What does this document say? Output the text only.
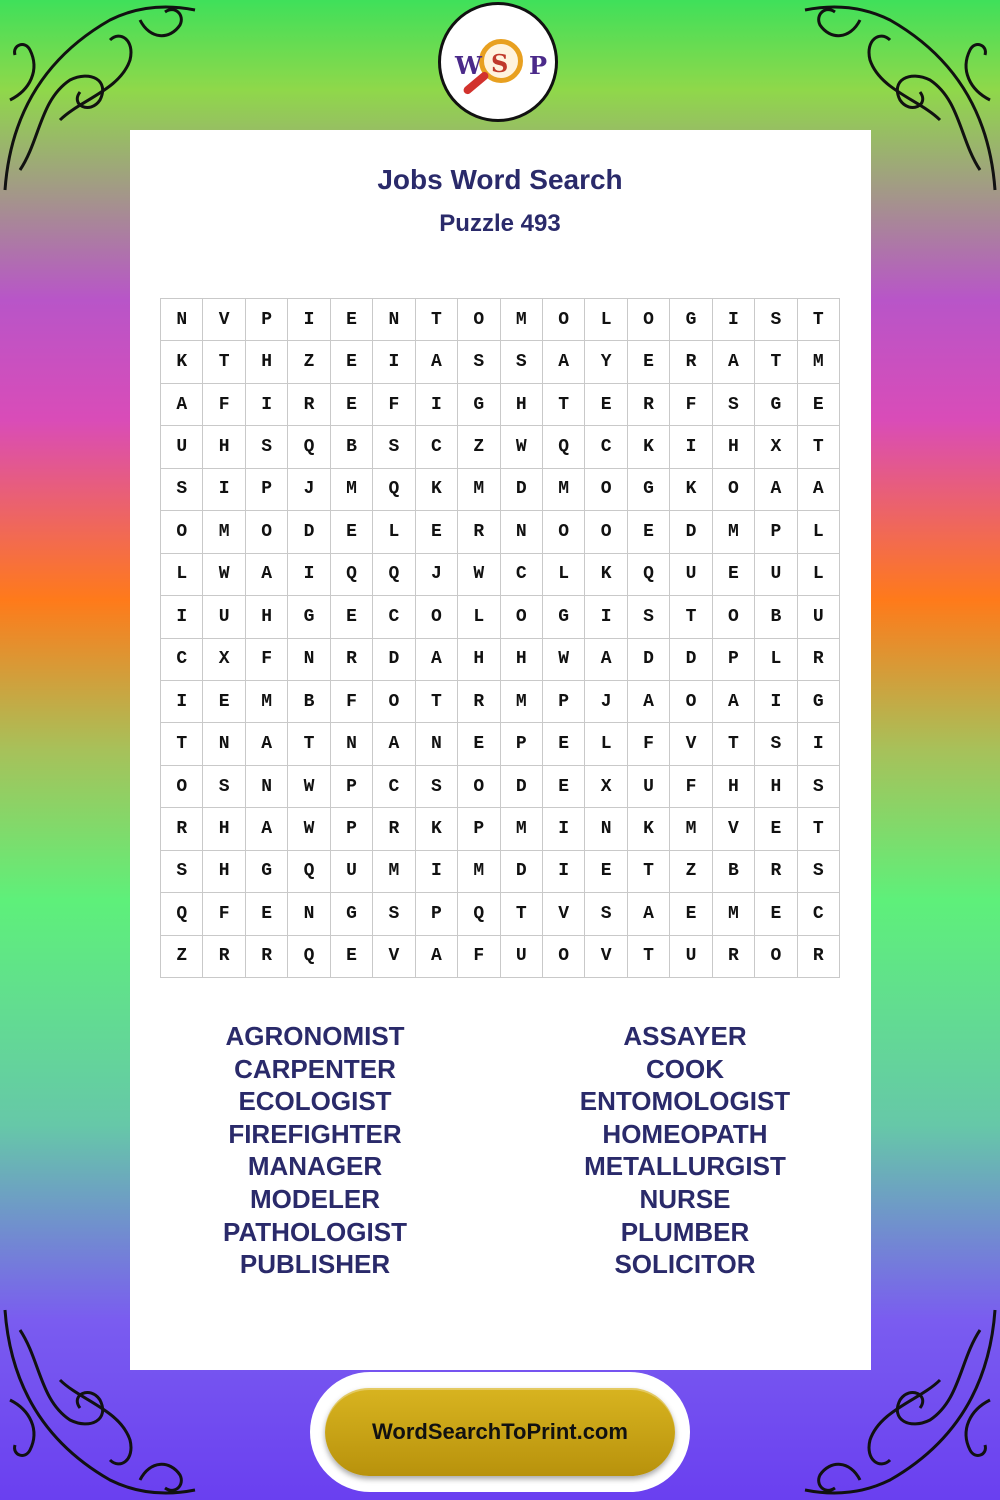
W S P
Jobs Word Search
Puzzle 493
N	V	P	I	E	N	T	O	M	O	L	O	G	I	S	T
K	T	H	Z	E	I	A	S	S	A	Y	E	R	A	T	M
A	F	I	R	E	F	I	G	H	T	E	R	F	S	G	E
U	H	S	Q	B	S	C	Z	W	Q	C	K	I	H	X	T
S	I	P	J	M	Q	K	M	D	M	O	G	K	O	A	A
O	M	O	D	E	L	E	R	N	O	O	E	D	M	P	L
L	W	A	I	Q	Q	J	W	C	L	K	Q	U	E	U	L
I	U	H	G	E	C	O	L	O	G	I	S	T	O	B	U
C	X	F	N	R	D	A	H	H	W	A	D	D	P	L	R
I	E	M	B	F	O	T	R	M	P	J	A	O	A	I	G
T	N	A	T	N	A	N	E	P	E	L	F	V	T	S	I
O	S	N	W	P	C	S	O	D	E	X	U	F	H	H	S
R	H	A	W	P	R	K	P	M	I	N	K	M	V	E	T
S	H	G	Q	U	M	I	M	D	I	E	T	Z	B	R	S
Q	F	E	N	G	S	P	Q	T	V	S	A	E	M	E	C
Z	R	R	Q	E	V	A	F	U	O	V	T	U	R	O	R
AGRONOMIST
CARPENTER
ECOLOGIST
FIREFIGHTER
MANAGER
MODELER
PATHOLOGIST
PUBLISHER
ASSAYER
COOK
ENTOMOLOGIST
HOMEOPATH
METALLURGIST
NURSE
PLUMBER
SOLICITOR
WordSearchToPrint.com
